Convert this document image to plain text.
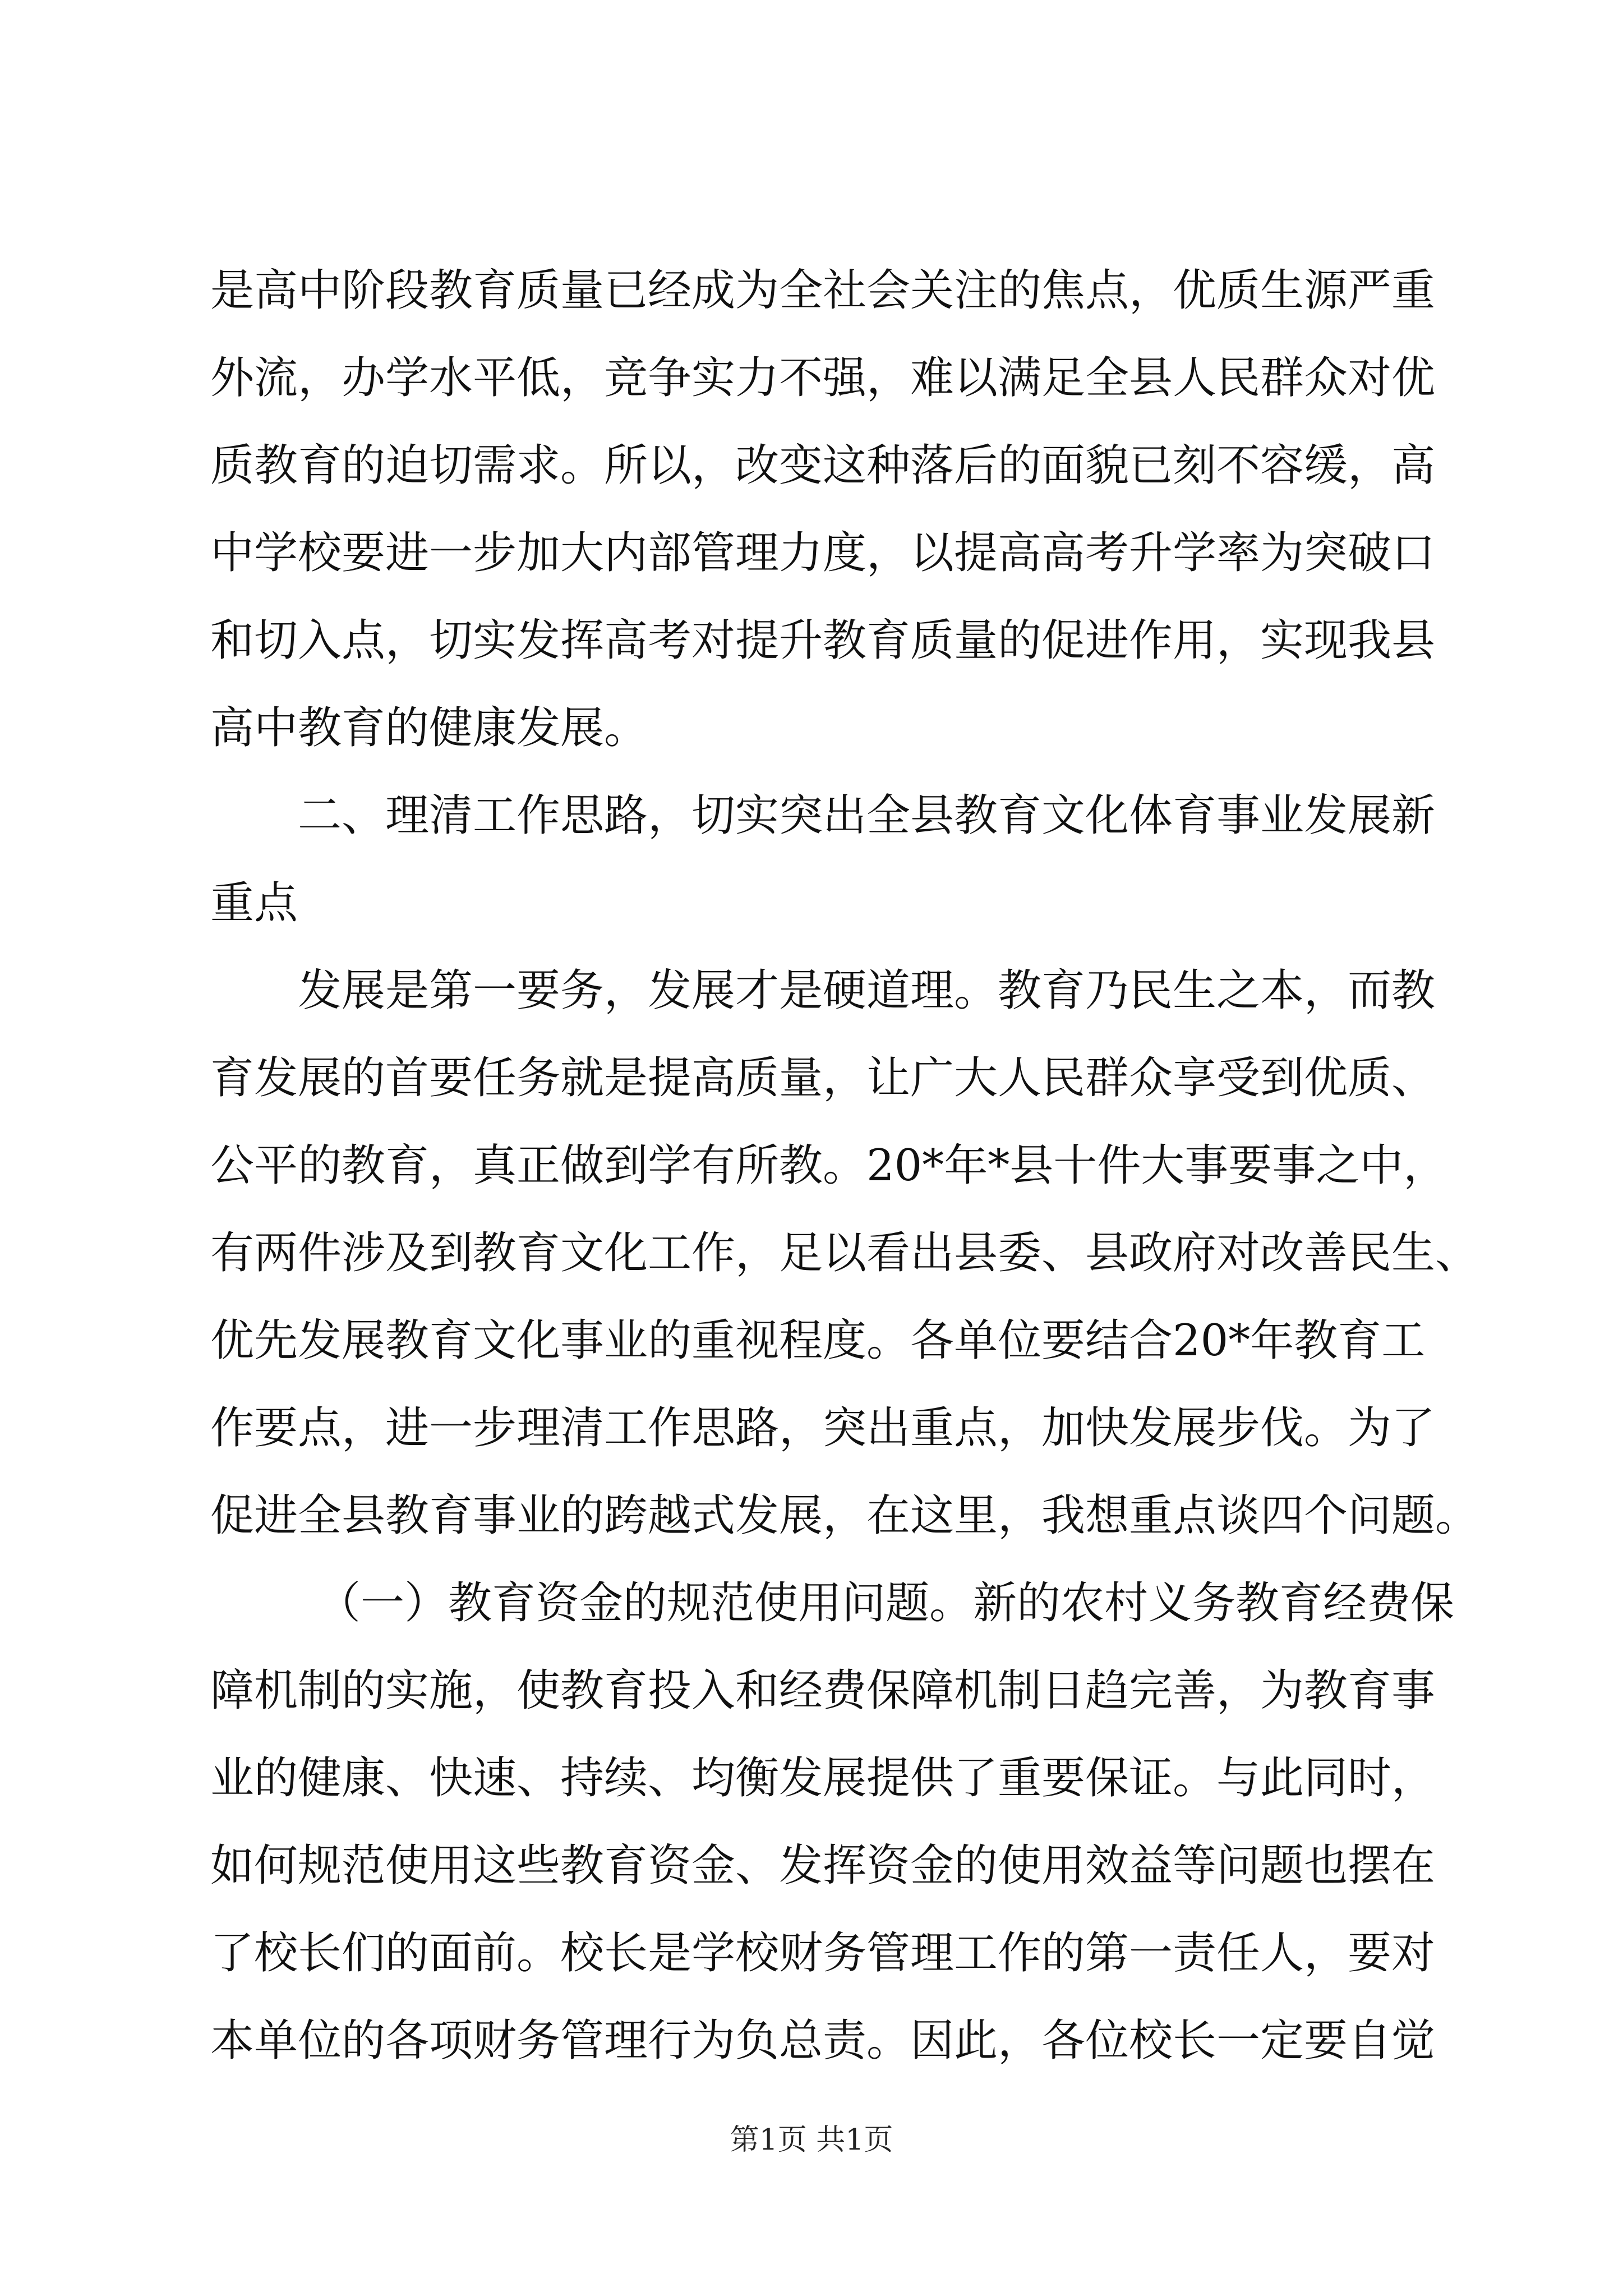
是高中阶段教育质量已经成为全社会关注的焦点，优质生源严重
外流，办学水平低，竞争实力不强，难以满足全县人民群众对优
质教育的迫切需求。所以，改变这种落后的面貌已刻不容缓，高
中学校要进一步加大内部管理力度，以提高高考升学率为突破口
和切入点，切实发挥高考对提升教育质量的促进作用，实现我县
高中教育的健康发展。
二、理清工作思路，切实突出全县教育文化体育事业发展新
重点
发展是第一要务，发展才是硬道理。教育乃民生之本，而教
育发展的首要任务就是提高质量，让广大人民群众享受到优质、
公平的教育，真正做到学有所教。20*年*县十件大事要事之中，
有两件涉及到教育文化工作，足以看出县委、县政府对改善民生、
优先发展教育文化事业的重视程度。各单位要结合20*年教育工
作要点，进一步理清工作思路，突出重点，加快发展步伐。为了
促进全县教育事业的跨越式发展，在这里，我想重点谈四个问题。
（一）教育资金的规范使用问题。新的农村义务教育经费保
障机制的实施，使教育投入和经费保障机制日趋完善，为教育事
业的健康、快速、持续、均衡发展提供了重要保证。与此同时，
如何规范使用这些教育资金、发挥资金的使用效益等问题也摆在
了校长们的面前。校长是学校财务管理工作的第一责任人，要对
本单位的各项财务管理行为负总责。因此，各位校长一定要自觉
第1页 共1页
